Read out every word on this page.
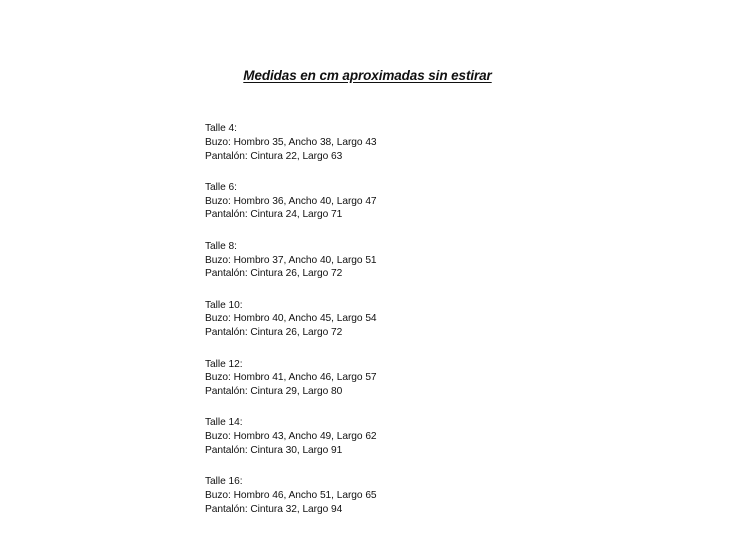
Medidas en cm aproximadas sin estirar
Talle 4:
Buzo: Hombro 35, Ancho 38, Largo 43
Pantalón: Cintura 22, Largo 63
Talle 6:
Buzo: Hombro 36, Ancho 40, Largo 47
Pantalón: Cintura 24, Largo 71
Talle 8:
Buzo: Hombro 37, Ancho 40, Largo 51
Pantalón: Cintura 26, Largo 72
Talle 10:
Buzo: Hombro 40, Ancho 45, Largo 54
Pantalón: Cintura 26, Largo 72
Talle 12:
Buzo: Hombro 41, Ancho 46, Largo 57
Pantalón: Cintura 29, Largo 80
Talle 14:
Buzo: Hombro 43, Ancho 49, Largo 62
Pantalón: Cintura 30, Largo 91
Talle 16:
Buzo: Hombro 46, Ancho 51, Largo 65
Pantalón: Cintura 32, Largo 94
